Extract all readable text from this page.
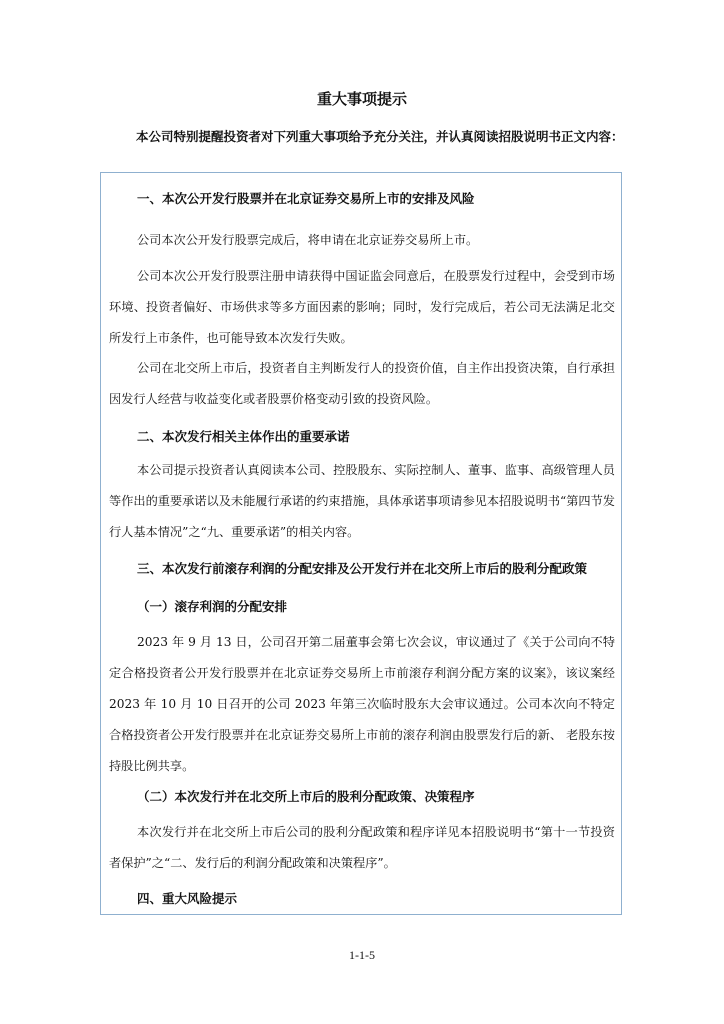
重大事项提示
本公司特别提醒投资者对下列重大事项给予充分关注，并认真阅读招股说明书正文内容：
一、本次公开发行股票并在北京证券交易所上市的安排及风险
公司本次公开发行股票完成后，将申请在北京证券交易所上市。
公司本次公开发行股票注册申请获得中国证监会同意后，在股票发行过程中，会受到市场环境、投资者偏好、市场供求等多方面因素的影响；同时，发行完成后，若公司无法满足北交所发行上市条件，也可能导致本次发行失败。
公司在北交所上市后，投资者自主判断发行人的投资价值，自主作出投资决策，自行承担因发行人经营与收益变化或者股票价格变动引致的投资风险。
二、本次发行相关主体作出的重要承诺
本公司提示投资者认真阅读本公司、控股股东、实际控制人、董事、监事、高级管理人员等作出的重要承诺以及未能履行承诺的约束措施，具体承诺事项请参见本招股说明书“第四节发行人基本情况”之“九、重要承诺”的相关内容。
三、本次发行前滚存利润的分配安排及公开发行并在北交所上市后的股利分配政策
（一）滚存利润的分配安排
2023 年 9 月 13 日，公司召开第二届董事会第七次会议，审议通过了《关于公司向不特定合格投资者公开发行股票并在北京证券交易所上市前滚存利润分配方案的议案》，该议案经 2023 年 10 月 10 日召开的公司 2023 年第三次临时股东大会审议通过。公司本次向不特定合格投资者公开发行股票并在北京证券交易所上市前的滚存利润由股票发行后的新、 老股东按持股比例共享。
（二）本次发行并在北交所上市后的股利分配政策、决策程序
本次发行并在北交所上市后公司的股利分配政策和程序详见本招股说明书“第十一节投资者保护”之“二、发行后的利润分配政策和决策程序”。
四、重大风险提示
1-1-5
